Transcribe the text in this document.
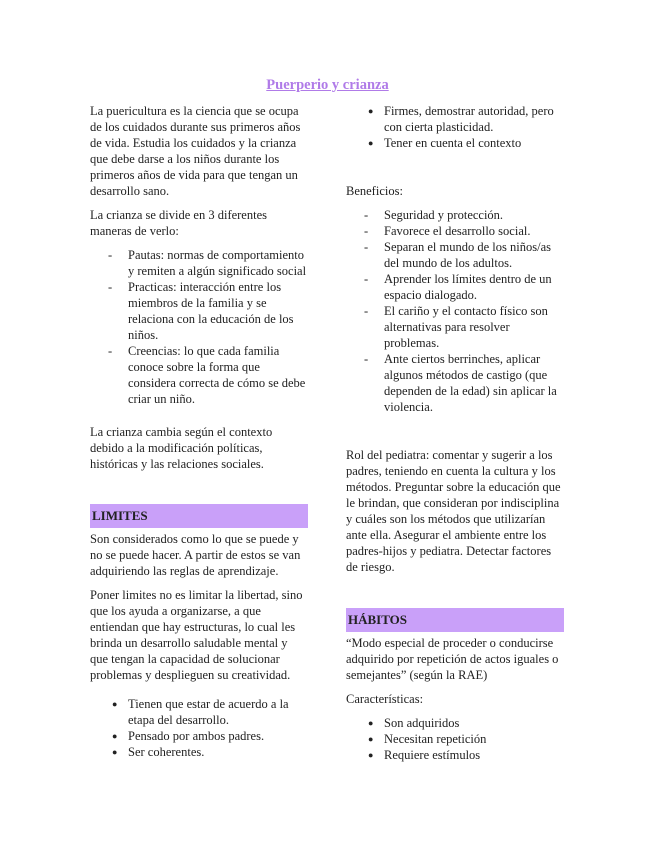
Puerperio y crianza

La puericultura es la ciencia que se ocupa de los cuidados durante sus primeros años de vida. Estudia los cuidados y la crianza que debe darse a los niños durante los primeros años de vida para que tengan un desarrollo sano.

La crianza se divide en 3 diferentes maneras de verlo:

- Pautas: normas de comportamiento y remiten a algún significado social
- Practicas: interacción entre los miembros de la familia y se relaciona con la educación de los niños.
- Creencias: lo que cada familia conoce sobre la forma que considera correcta de cómo se debe criar un niño.

La crianza cambia según el contexto debido a la modificación políticas, históricas y las relaciones sociales.

LIMITES

Son considerados como lo que se puede y no se puede hacer. A partir de estos se van adquiriendo las reglas de aprendizaje.

Poner limites no es limitar la libertad, sino que los ayuda a organizarse, a que entiendan que hay estructuras, lo cual les brinda un desarrollo saludable mental y que tengan la capacidad de solucionar problemas y desplieguen su creatividad.

● Tienen que estar de acuerdo a la etapa del desarrollo.
● Pensado por ambos padres.
● Ser coherentes.
● Firmes, demostrar autoridad, pero con cierta plasticidad.
● Tener en cuenta el contexto

Beneficios:

- Seguridad y protección.
- Favorece el desarrollo social.
- Separan el mundo de los niños/as del mundo de los adultos.
- Aprender los límites dentro de un espacio dialogado.
- El cariño y el contacto físico son alternativas para resolver problemas.
- Ante ciertos berrinches, aplicar algunos métodos de castigo (que dependen de la edad) sin aplicar la violencia.

Rol del pediatra: comentar y sugerir a los padres, teniendo en cuenta la cultura y los métodos. Preguntar sobre la educación que le brindan, que consideran por indisciplina y cuáles son los métodos que utilizarían ante ella. Asegurar el ambiente entre los padres-hijos y pediatra. Detectar factores de riesgo.

HÁBITOS

“Modo especial de proceder o conducirse adquirido por repetición de actos iguales o semejantes” (según la RAE)

Características:

● Son adquiridos
● Necesitan repetición
● Requiere estímulos
